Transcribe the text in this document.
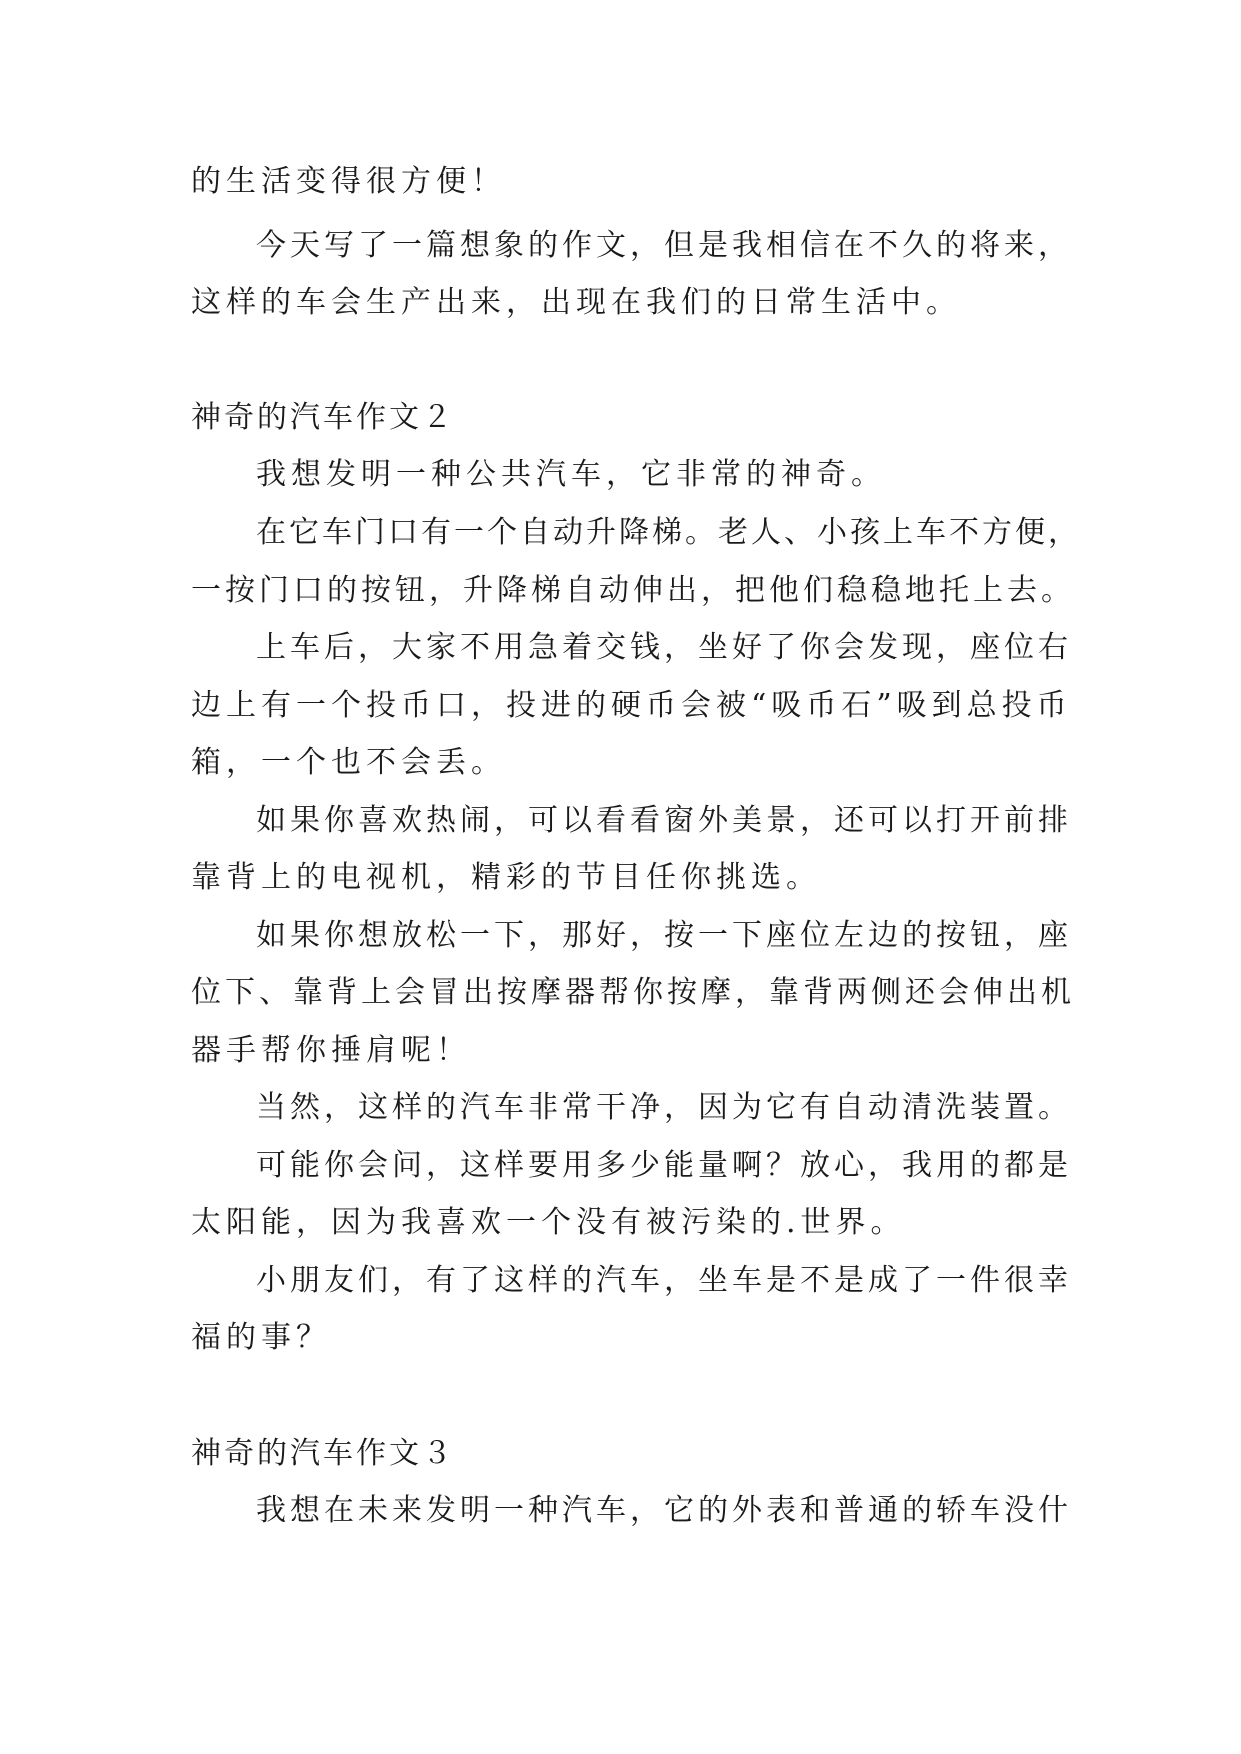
的生活变得很方便！

今天写了一篇想象的作文，但是我相信在不久的将来，

这样的车会生产出来，出现在我们的日常生活中。

神奇的汽车作文２

我想发明一种公共汽车，它非常的神奇。

在它车门口有一个自动升降梯。老人、小孩上车不方便，

一按门口的按钮，升降梯自动伸出，把他们稳稳地托上去。

上车后，大家不用急着交钱，坐好了你会发现，座位右

边上有一个投币口，投进的硬币会被“吸币石”吸到总投币

箱，一个也不会丢。

如果你喜欢热闹，可以看看窗外美景，还可以打开前排

靠背上的电视机，精彩的节目任你挑选。

如果你想放松一下，那好，按一下座位左边的按钮，座

位下、靠背上会冒出按摩器帮你按摩，靠背两侧还会伸出机

器手帮你捶肩呢！

当然，这样的汽车非常干净，因为它有自动清洗装置。

可能你会问，这样要用多少能量啊？放心，我用的都是

太阳能，因为我喜欢一个没有被污染的.世界。

小朋友们，有了这样的汽车，坐车是不是成了一件很幸

福的事？

神奇的汽车作文３

我想在未来发明一种汽车，它的外表和普通的轿车没什
